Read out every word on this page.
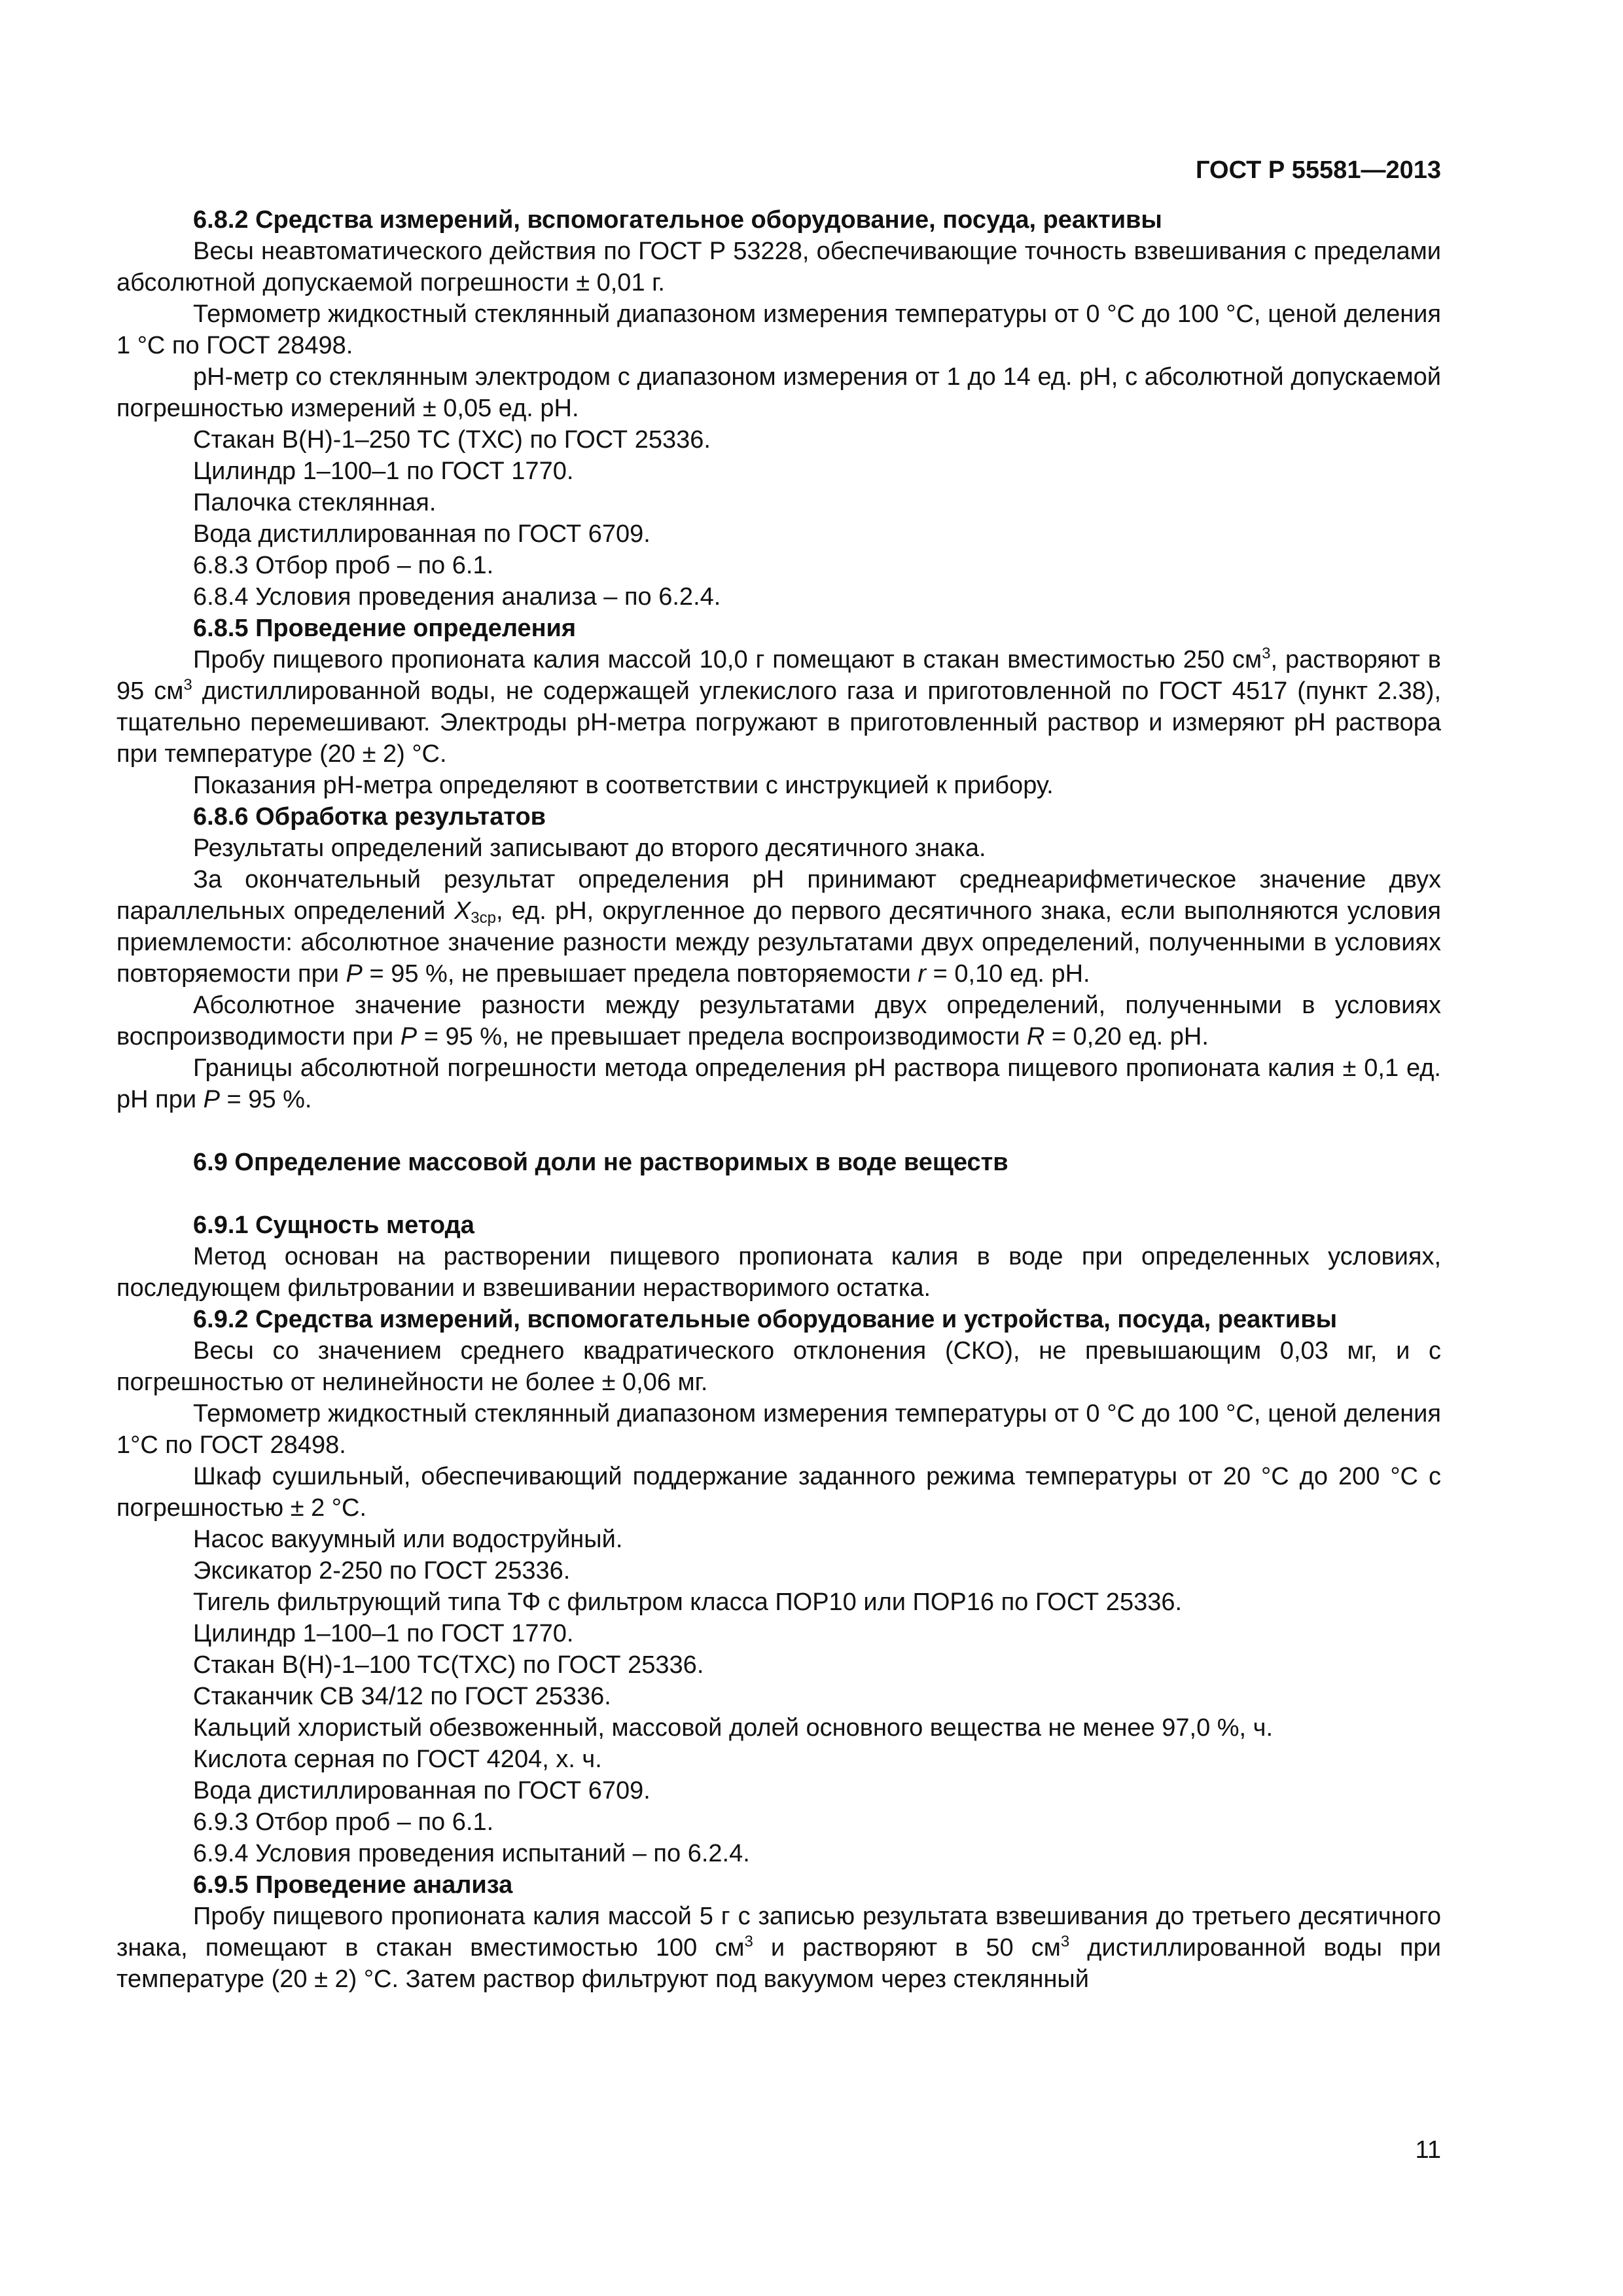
ГОСТ Р 55581—2013

6.8.2 Средства измерений, вспомогательное оборудование, посуда, реактивы

Весы неавтоматического действия по ГОСТ Р 53228, обеспечивающие точность взвешивания с пределами абсолютной допускаемой погрешности ± 0,01 г.

Термометр жидкостный стеклянный диапазоном измерения температуры от 0 °С до 100 °С, ценой деления 1 °С по ГОСТ 28498.

рН-метр со стеклянным электродом с диапазоном измерения от 1 до 14 ед. рН, с абсолютной допускаемой погрешностью измерений ± 0,05 ед. рН.

Стакан В(Н)-1–250 ТС (ТХС) по ГОСТ 25336.

Цилиндр 1–100–1 по ГОСТ 1770.

Палочка стеклянная.

Вода дистиллированная по ГОСТ 6709.

6.8.3 Отбор проб – по 6.1.

6.8.4 Условия проведения анализа – по 6.2.4.

6.8.5 Проведение определения

Пробу пищевого пропионата калия массой 10,0 г помещают в стакан вместимостью 250 $см^3$, растворяют в 95 $см^3$ дистиллированной воды, не содержащей углекислого газа и приготовленной по ГОСТ 4517 (пункт 2.38), тщательно перемешивают. Электроды рН-метра погружают в приготовленный раствор и измеряют рН раствора при температуре (20 ± 2) °С.

Показания рН-метра определяют в соответствии с инструкцией к прибору.

6.8.6 Обработка результатов

Результаты определений записывают до второго десятичного знака.

За окончательный результат определения рН принимают среднеарифметическое значение двух параллельных определений $X_{3ср}$, ед. рН, округленное до первого десятичного знака, если выполняются условия приемлемости: абсолютное значение разности между результатами двух определений, полученными в условиях повторяемости при Р = 95 %, не превышает предела повторяемости r = 0,10 ед. рН.

Абсолютное значение разности между результатами двух определений, полученными в условиях воспроизводимости при Р = 95 %, не превышает предела воспроизводимости R = 0,20 ед. рН.

Границы абсолютной погрешности метода определения рН раствора пищевого пропионата калия ± 0,1 ед. рН при Р = 95 %.

6.9 Определение массовой доли не растворимых в воде веществ

6.9.1 Сущность метода

Метод основан на растворении пищевого пропионата калия в воде при определенных условиях, последующем фильтровании и взвешивании нерастворимого остатка.

6.9.2 Средства измерений, вспомогательные оборудование и устройства, посуда, реактивы

Весы со значением среднего квадратического отклонения (СКО), не превышающим 0,03 мг, и с погрешностью от нелинейности не более ± 0,06 мг.

Термометр жидкостный стеклянный диапазоном измерения температуры от 0 °С до 100 °С, ценой деления 1°С по ГОСТ 28498.

Шкаф сушильный, обеспечивающий поддержание заданного режима температуры от 20 °С до 200 °С с погрешностью ± 2 °С.

Насос вакуумный или водоструйный.

Эксикатор 2-250 по ГОСТ 25336.

Тигель фильтрующий типа ТФ с фильтром класса ПОР10 или ПОР16 по ГОСТ 25336.

Цилиндр 1–100–1 по ГОСТ 1770.

Стакан В(Н)-1–100 ТС(ТХС) по ГОСТ 25336.

Стаканчик СВ 34/12 по ГОСТ 25336.

Кальций хлористый обезвоженный, массовой долей основного вещества не менее 97,0 %, ч.

Кислота серная по ГОСТ 4204, х. ч.

Вода дистиллированная по ГОСТ 6709.

6.9.3 Отбор проб – по 6.1.

6.9.4 Условия проведения испытаний – по 6.2.4.

6.9.5 Проведение анализа

Пробу пищевого пропионата калия массой 5 г с записью результата взвешивания до третьего десятичного знака, помещают в стакан вместимостью 100 $см^3$ и растворяют в 50 $см^3$ дистиллированной воды при температуре (20 ± 2) °С. Затем раствор фильтруют под вакуумом через стеклянный

11
